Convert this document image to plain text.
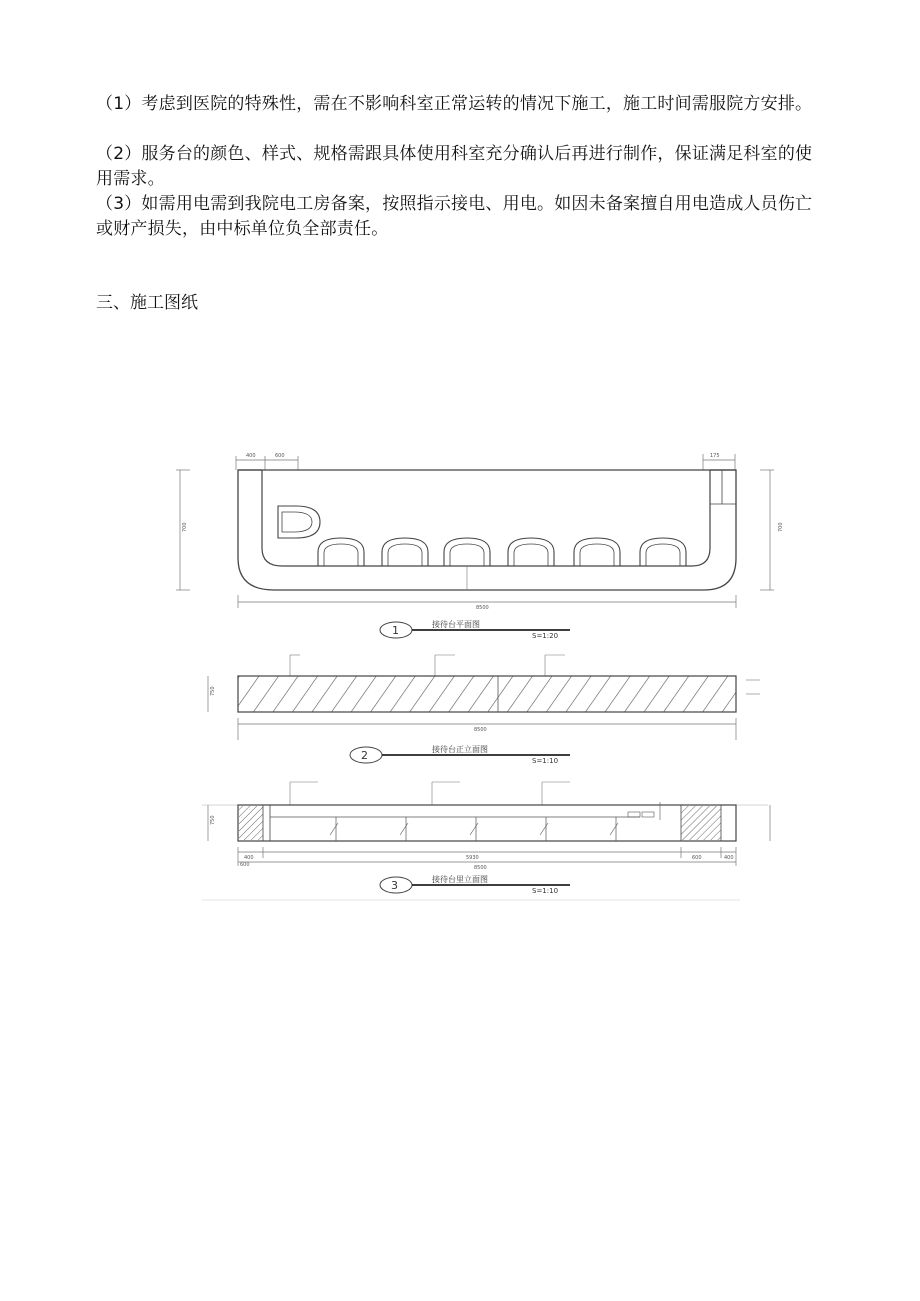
（1）考虑到医院的特殊性，需在不影响科室正常运转的情况下施工，施工时间需服院方安排。

（2）服务台的颜色、样式、规格需跟具体使用科室充分确认后再进行制作，保证满足科室的使用需求。

（3）如需用电需到我院电工房备案，按照指示接电、用电。如因未备案擅自用电造成人员伤亡或财产损失，由中标单位负全部责任。

三、施工图纸

400	600	175
700	700
8500
1	接待台平面图
S=1:20
750
8500
2	接待台正立面图
S=1:10
750
400
600
5930	600	400
8500
3	接待台里立面图
S=1:10
